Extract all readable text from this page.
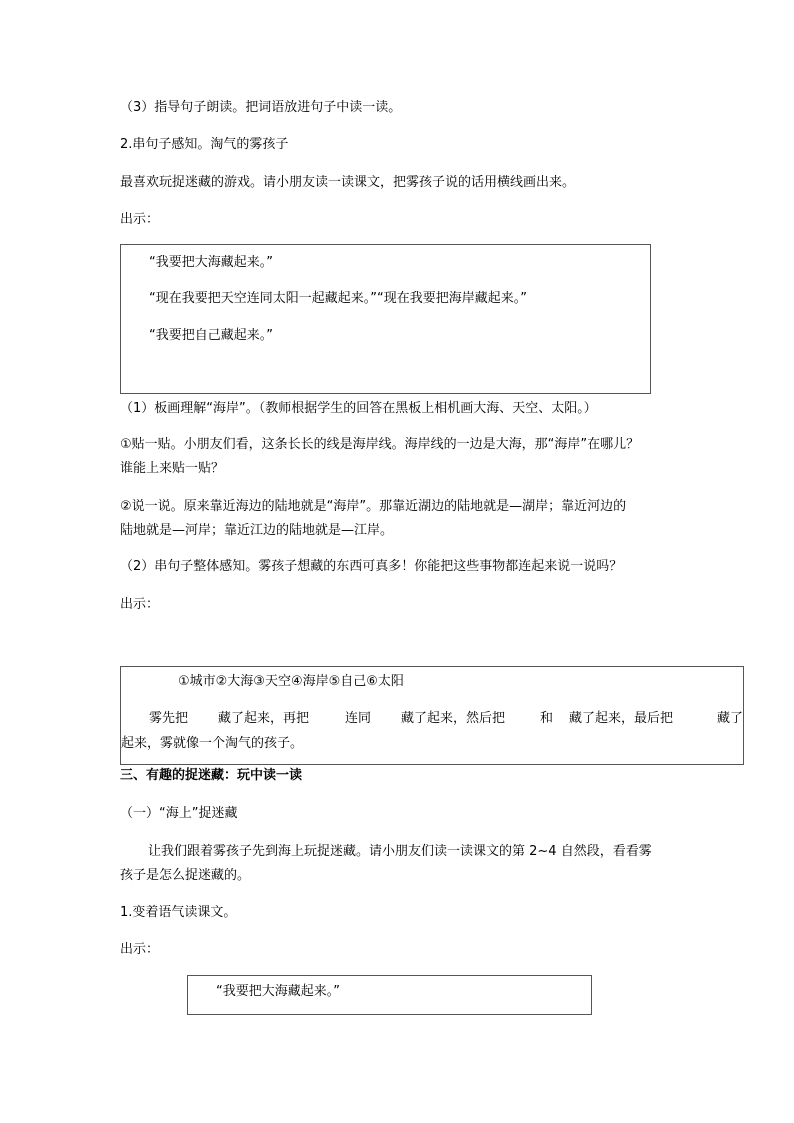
（3）指导句子朗读。把词语放进句子中读一读。
2.串句子感知。淘气的雾孩子
最喜欢玩捉迷藏的游戏。请小朋友读一读课文，把雾孩子说的话用横线画出来。
出示：
“我要把大海藏起来。”
“现在我要把天空连同太阳一起藏起来。”“现在我要把海岸藏起来。”
“我要把自己藏起来。”
（1）板画理解“海岸”。（教师根据学生的回答在黑板上相机画大海、天空、太阳。）
①贴一贴。小朋友们看，这条长长的线是海岸线。海岸线的一边是大海，那“海岸”在哪儿？
谁能上来贴一贴？
②说一说。原来靠近海边的陆地就是“海岸”。那靠近湖边的陆地就是—湖岸；靠近河边的
陆地就是—河岸；靠近江边的陆地就是—江岸。
（2）串句子整体感知。雾孩子想藏的东西可真多！你能把这些事物都连起来说一说吗？
出示：
①城市②大海③天空④海岸⑤自己⑥太阳
雾先把 藏了起来，再把	连同 藏了起来，然后把	和 藏了起来，最后把	藏了
起来，雾就像一个淘气的孩子。
三、有趣的捉迷藏：玩中读一读
（一）“海上”捉迷藏
让我们跟着雾孩子先到海上玩捉迷藏。请小朋友们读一读课文的第 2~4 自然段，看看雾
孩子是怎么捉迷藏的。
1.变着语气读课文。
出示：
“我要把大海藏起来。”
